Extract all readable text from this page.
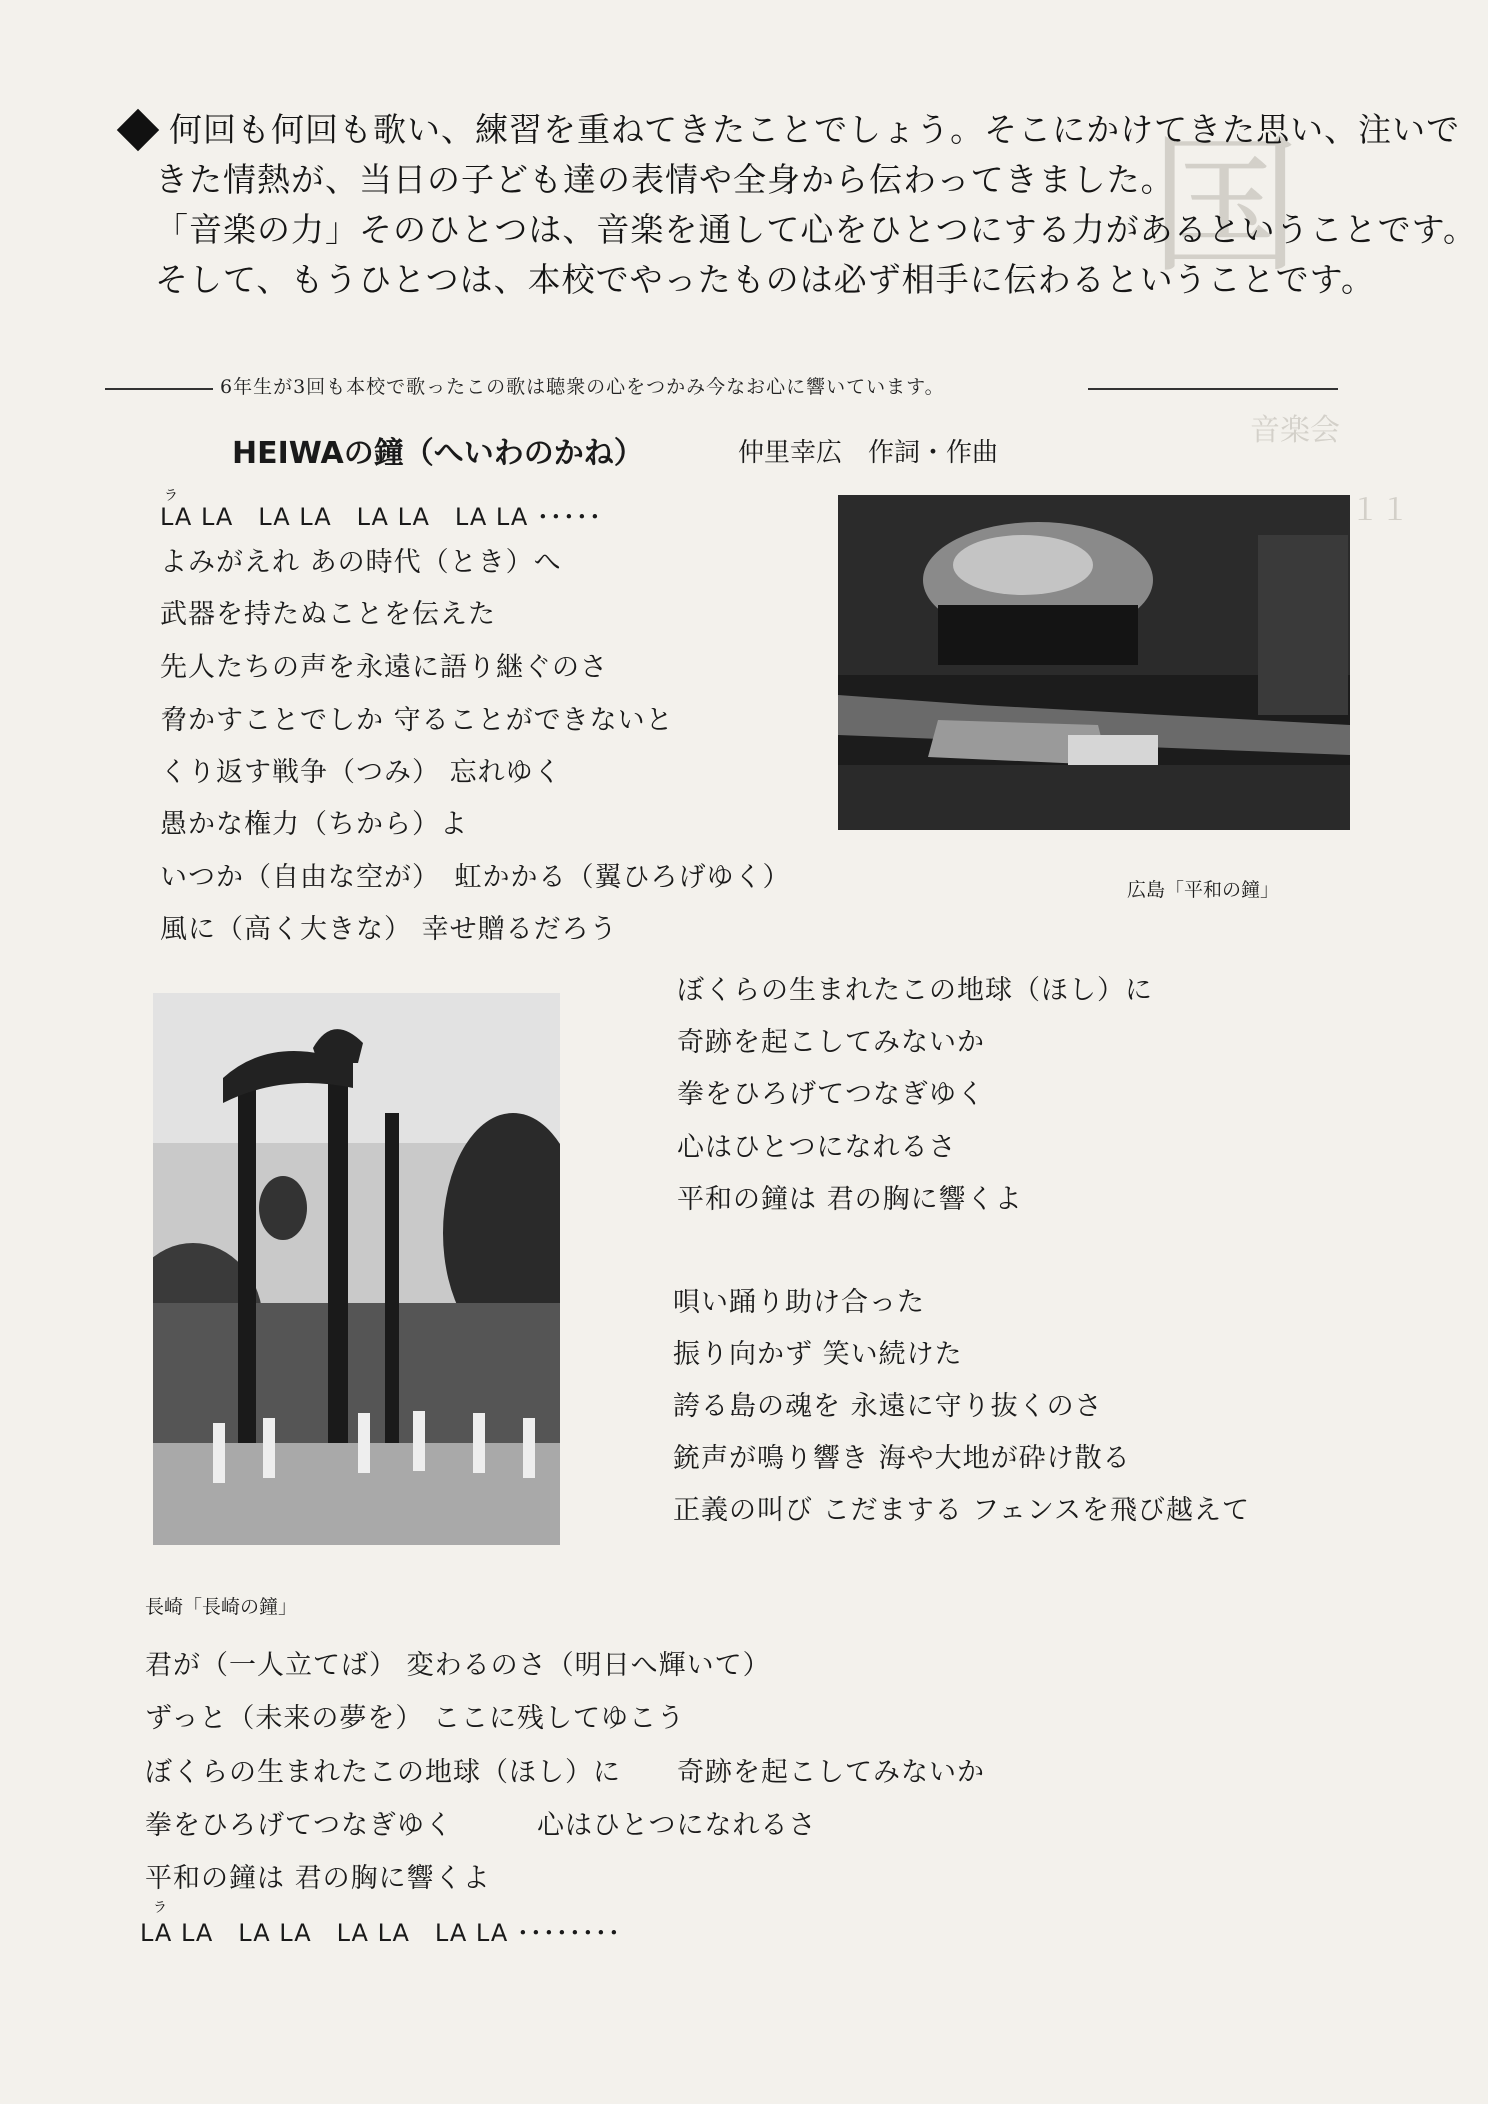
国
音楽会
１１

何回も何回も歌い、練習を重ねてきたことでしょう。そこにかけてきた思い、注いで

きた情熱が、当日の子ども達の表情や全身から伝わってきました。

「音楽の力」そのひとつは、音楽を通して心をひとつにする力があるということです。

そして、もうひとつは、本校でやったものは必ず相手に伝わるということです。

6年生が3回も本校で歌ったこの歌は聴衆の心をつかみ今なお心に響いています。
HEIWAの鐘（へいわのかね）	仲里幸広　作詞・作曲
ラ
LA LA　LA LA　LA LA　LA LA ･････
よみがえれ あの時代（とき）へ
武器を持たぬことを伝えた
先人たちの声を永遠に語り継ぐのさ
脅かすことでしか 守ることができないと
くり返す戦争（つみ） 忘れゆく
愚かな権力（ちから）よ
いつか（自由な空が）　虹かかる（翼ひろげゆく）
風に（高く大きな） 幸せ贈るだろう
広島「平和の鐘」
ぼくらの生まれたこの地球（ほし）に
奇跡を起こしてみないか
拳をひろげてつなぎゆく
心はひとつになれるさ
平和の鐘は 君の胸に響くよ
長崎「長崎の鐘」
唄い踊り助け合った
振り向かず 笑い続けた
誇る島の魂を 永遠に守り抜くのさ
銃声が鳴り響き 海や大地が砕け散る
正義の叫び こだまする フェンスを飛び越えて
君が（一人立てば） 変わるのさ（明日へ輝いて）
ずっと（未来の夢を） ここに残してゆこう
ぼくらの生まれたこの地球（ほし）に　　奇跡を起こしてみないか
拳をひろげてつなぎゆく　　　心はひとつになれるさ
平和の鐘は 君の胸に響くよ
ラ
LA LA　LA LA　LA LA　LA LA ････････
